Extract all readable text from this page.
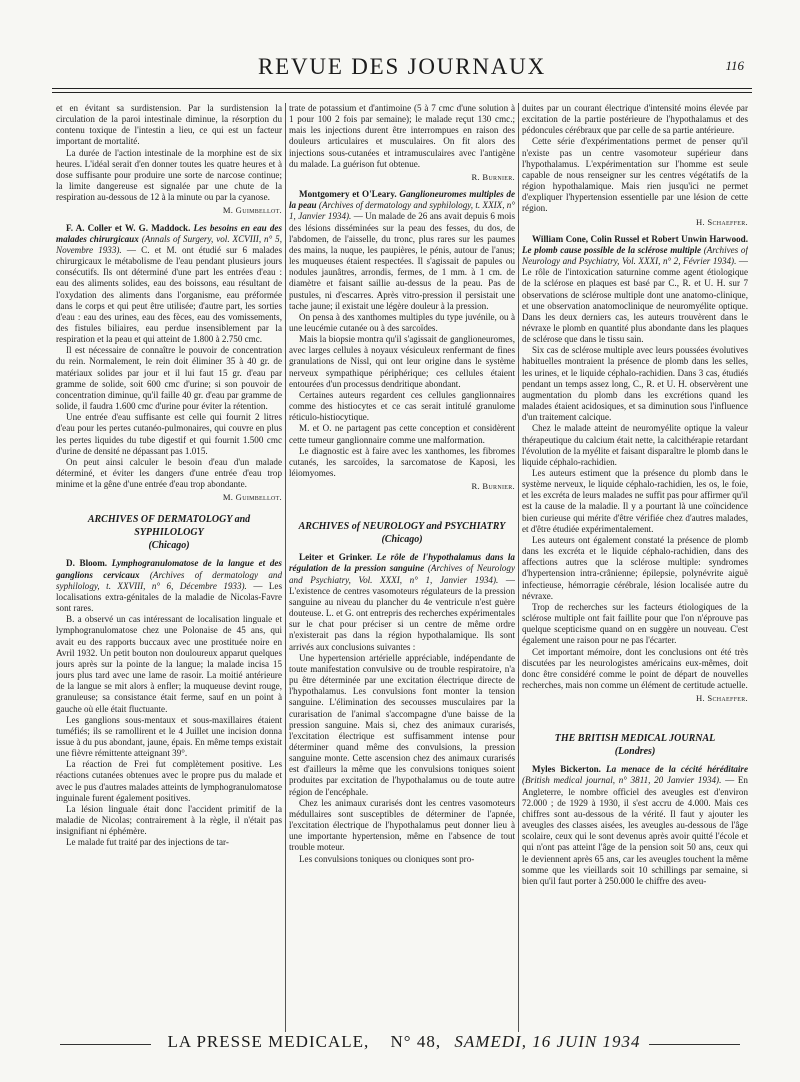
REVUE DES JOURNAUX	116

et en évitant sa surdistension. Par la surdistension la circulation de la paroi intestinale diminue, la résorption du contenu toxique de l'intestin a lieu, ce qui est un facteur important de mortalité.

La durée de l'action intestinale de la morphine est de six heures. L'idéal serait d'en donner toutes les quatre heures et à dose suffisante pour produire une sorte de narcose continue; la limite dangereuse est signalée par une chute de la respiration au-dessous de 12 à la minute ou par la cyanose.

M. Guimbellot.

F. A. Coller et W. G. Maddock. Les besoins en eau des malades chirurgicaux (Annals of Surgery, vol. XCVIII, n° 5, Novembre 1933). — C. et M. ont étudié sur 6 malades chirurgicaux le métabolisme de l'eau pendant plusieurs jours consécutifs. Ils ont déterminé d'une part les entrées d'eau : eau des aliments solides, eau des boissons, eau résultant de l'oxydation des aliments dans l'organisme, eau préformée dans le corps et qui peut être utilisée; d'autre part, les sorties d'eau : eau des urines, eau des fèces, eau des vomissements, des fistules biliaires, eau perdue insensiblement par la respiration et la peau et qui atteint de 1.800 à 2.750 cmc.

Il est nécessaire de connaître le pouvoir de concentration du rein. Normalement, le rein doit éliminer 35 à 40 gr. de matériaux solides par jour et il lui faut 15 gr. d'eau par gramme de solide, soit 600 cmc d'urine; si son pouvoir de concentration diminue, qu'il faille 40 gr. d'eau par gramme de solide, il faudra 1.600 cmc d'urine pour éviter la rétention.

Une entrée d'eau suffisante est celle qui fournit 2 litres d'eau pour les pertes cutanéo-pulmonaires, qui couvre en plus les pertes liquides du tube digestif et qui fournit 1.500 cmc d'urine de densité ne dépassant pas 1.015.

On peut ainsi calculer le besoin d'eau d'un malade déterminé, et éviter les dangers d'une entrée d'eau trop minime et la gêne d'une entrée d'eau trop abondante.

M. Guimbellot.
ARCHIVES OF DERMATOLOGY and SYPHILOLOGY
(Chicago)

D. Bloom. Lymphogranulomatose de la langue et des ganglions cervicaux (Archives of dermatology and syphilology, t. XXVIII, n° 6, Décembre 1933). — Les localisations extra-génitales de la maladie de Nicolas-Favre sont rares.

B. a observé un cas intéressant de localisation linguale et lymphogranulomatose chez une Polonaise de 45 ans, qui avait eu des rapports buccaux avec une prostituée noire en Avril 1932. Un petit bouton non douloureux apparut quelques jours après sur la pointe de la langue; la malade incisa 15 jours plus tard avec une lame de rasoir. La moitié antérieure de la langue se mit alors à enfler; la muqueuse devint rouge, granuleuse; sa consistance était ferme, sauf en un point à gauche où elle était fluctuante.

Les ganglions sous-mentaux et sous-maxillaires étaient tuméfiés; ils se ramollirent et le 4 Juillet une incision donna issue à du pus abondant, jaune, épais. En même temps existait une fièvre rémittente atteignant 39°.

La réaction de Frei fut complètement positive. Les réactions cutanées obtenues avec le propre pus du malade et avec le pus d'autres malades atteints de lymphogranulomatose inguinale furent également positives.

La lésion linguale était donc l'accident primitif de la maladie de Nicolas; contrairement à la règle, il n'était pas insignifiant ni éphémère.

Le malade fut traité par des injections de tar-

trate de potassium et d'antimoine (5 à 7 cmc d'une solution à 1 pour 100 2 fois par semaine); le malade reçut 130 cmc.; mais les injections durent être interrompues en raison des douleurs articulaires et musculaires. On fit alors des injections sous-cutanées et intramusculaires avec l'antigène du malade. La guérison fut obtenue.

R. Burnier.

Montgomery et O'Leary. Ganglioneuromes multiples de la peau (Archives of dermatology and syphilology, t. XXIX, n° 1, Janvier 1934). — Un malade de 26 ans avait depuis 6 mois des lésions disséminées sur la peau des fesses, du dos, de l'abdomen, de l'aisselle, du tronc, plus rares sur les paumes des mains, la nuque, les paupières, le pénis, autour de l'anus; les muqueuses étaient respectées. Il s'agissait de papules ou nodules jaunâtres, arrondis, fermes, de 1 mm. à 1 cm. de diamètre et faisant saillie au-dessus de la peau. Pas de pustules, ni d'escarres. Après vitro-pression il persistait une tache jaune; il existait une légère douleur à la pression.

On pensa à des xanthomes multiples du type juvénile, ou à une leucémie cutanée ou à des sarcoïdes.

Mais la biopsie montra qu'il s'agissait de ganglioneuromes, avec larges cellules à noyaux vésiculeux renfermant de fines granulations de Nissl, qui ont leur origine dans le système nerveux sympathique périphérique; ces cellules étaient entourées d'un processus dendritique abondant.

Certaines auteurs regardent ces cellules ganglionnaires comme des histiocytes et ce cas serait intitulé granulome réticulo-histiocytique.

M. et O. ne partagent pas cette conception et considèrent cette tumeur ganglionnaire comme une malformation.

Le diagnostic est à faire avec les xanthomes, les fibromes cutanés, les sarcoïdes, la sarcomatose de Kaposi, les léiomyomes.

R. Burnier.
ARCHIVES of NEUROLOGY and PSYCHIATRY
(Chicago)

Leiter et Grinker. Le rôle de l'hypothalamus dans la régulation de la pression sanguine (Archives of Neurology and Psychiatry, Vol. XXXI, n° 1, Janvier 1934). — L'existence de centres vasomoteurs régulateurs de la pression sanguine au niveau du plancher du 4e ventricule n'est guère douteuse. L. et G. ont entrepris des recherches expérimentales sur le chat pour préciser si un centre de même ordre n'existerait pas dans la région hypothalamique. Ils sont arrivés aux conclusions suivantes :

Une hypertension artérielle appréciable, indépendante de toute manifestation convulsive ou de trouble respiratoire, n'a pu être déterminée par une excitation électrique directe de l'hypothalamus. Les convulsions font monter la tension sanguine. L'élimination des secousses musculaires par la curarisation de l'animal s'accompagne d'une baisse de la pression sanguine. Mais si, chez des animaux curarisés, l'excitation électrique est suffisamment intense pour déterminer quand même des convulsions, la pression sanguine monte. Cette ascension chez des animaux curarisés est d'ailleurs la même que les convulsions toniques soient produites par excitation de l'hypothalamus ou de toute autre région de l'encéphale.

Chez les animaux curarisés dont les centres vasomoteurs médullaires sont susceptibles de déterminer de l'apnée, l'excitation électrique de l'hypothalamus peut donner lieu à une importante hypertension, même en l'absence de tout trouble moteur.

Les convulsions toniques ou cloniques sont pro-

duites par un courant électrique d'intensité moins élevée par excitation de la partie postérieure de l'hypothalamus et des pédoncules cérébraux que par celle de sa partie antérieure.

Cette série d'expérimentations permet de penser qu'il n'existe pas un centre vasomoteur supérieur dans l'hypothalamus. L'expérimentation sur l'homme est seule capable de nous renseigner sur les centres végétatifs de la région hypothalamique. Mais rien jusqu'ici ne permet d'expliquer l'hypertension essentielle par une lésion de cette région.

H. Schaeffer.

William Cone, Colin Russel et Robert Unwin Harwood. Le plomb cause possible de la sclérose multiple (Archives of Neurology and Psychiatry, Vol. XXXI, n° 2, Février 1934). — Le rôle de l'intoxication saturnine comme agent étiologique de la sclérose en plaques est basé par C., R. et U. H. sur 7 observations de sclérose multiple dont une anatomo-clinique, et une observation anatomoclinique de neuromyélite optique. Dans les deux derniers cas, les auteurs trouvèrent dans le névraxe le plomb en quantité plus abondante dans les plaques de sclérose que dans le tissu sain.

Six cas de sclérose multiple avec leurs poussées évolutives habituelles montraient la présence de plomb dans les selles, les urines, et le liquide céphalo-rachidien. Dans 3 cas, étudiés pendant un temps assez long, C., R. et U. H. observèrent une augmentation du plomb dans les excrétions quand les malades étaient acidosiques, et sa diminution sous l'influence d'un traitement calcique.

Chez le malade atteint de neuromyélite optique la valeur thérapeutique du calcium était nette, la calcithérapie retardant l'évolution de la myélite et faisant disparaître le plomb dans le liquide céphalo-rachidien.

Les auteurs estiment que la présence du plomb dans le système nerveux, le liquide céphalo-rachidien, les os, le foie, et les excréta de leurs malades ne suffit pas pour affirmer qu'il est la cause de la maladie. Il y a pourtant là une coïncidence bien curieuse qui mérite d'être vérifiée chez d'autres malades, et d'être étudiée expérimentalement.

Les auteurs ont également constaté la présence de plomb dans les excréta et le liquide céphalo-rachidien, dans des affections autres que la sclérose multiple: syndromes d'hypertension intra-crânienne; épilepsie, polynévrite aiguë infectieuse, hémorragie cérébrale, lésion localisée autre du névraxe.

Trop de recherches sur les facteurs étiologiques de la sclérose multiple ont fait faillite pour que l'on n'éprouve pas quelque scepticisme quand on en suggère un nouveau. C'est également une raison pour ne pas l'écarter.

Cet important mémoire, dont les conclusions ont été très discutées par les neurologistes américains eux-mêmes, doit donc être considéré comme le point de départ de nouvelles recherches, mais non comme un élément de certitude actuelle.

H. Schaeffer.
THE BRITISH MEDICAL JOURNAL
(Londres)

Myles Bickerton. La menace de la cécité héréditaire (British medical journal, n° 3811, 20 Janvier 1934). — En Angleterre, le nombre officiel des aveugles est d'environ 72.000 ; de 1929 à 1930, il s'est accru de 4.000. Mais ces chiffres sont au-dessous de la vérité. Il faut y ajouter les aveugles des classes aisées, les aveugles au-dessous de l'âge scolaire, ceux qui le sont devenus après avoir quitté l'école et qui n'ont pas atteint l'âge de la pension soit 50 ans, ceux qui le deviennent après 65 ans, car les aveugles touchent la même somme que les vieillards soit 10 schillings par semaine, si bien qu'il faut porter à 250.000 le chiffre des aveu-

LA PRESSE MEDICALE, N° 48, SAMEDI, 16 JUIN 1934
